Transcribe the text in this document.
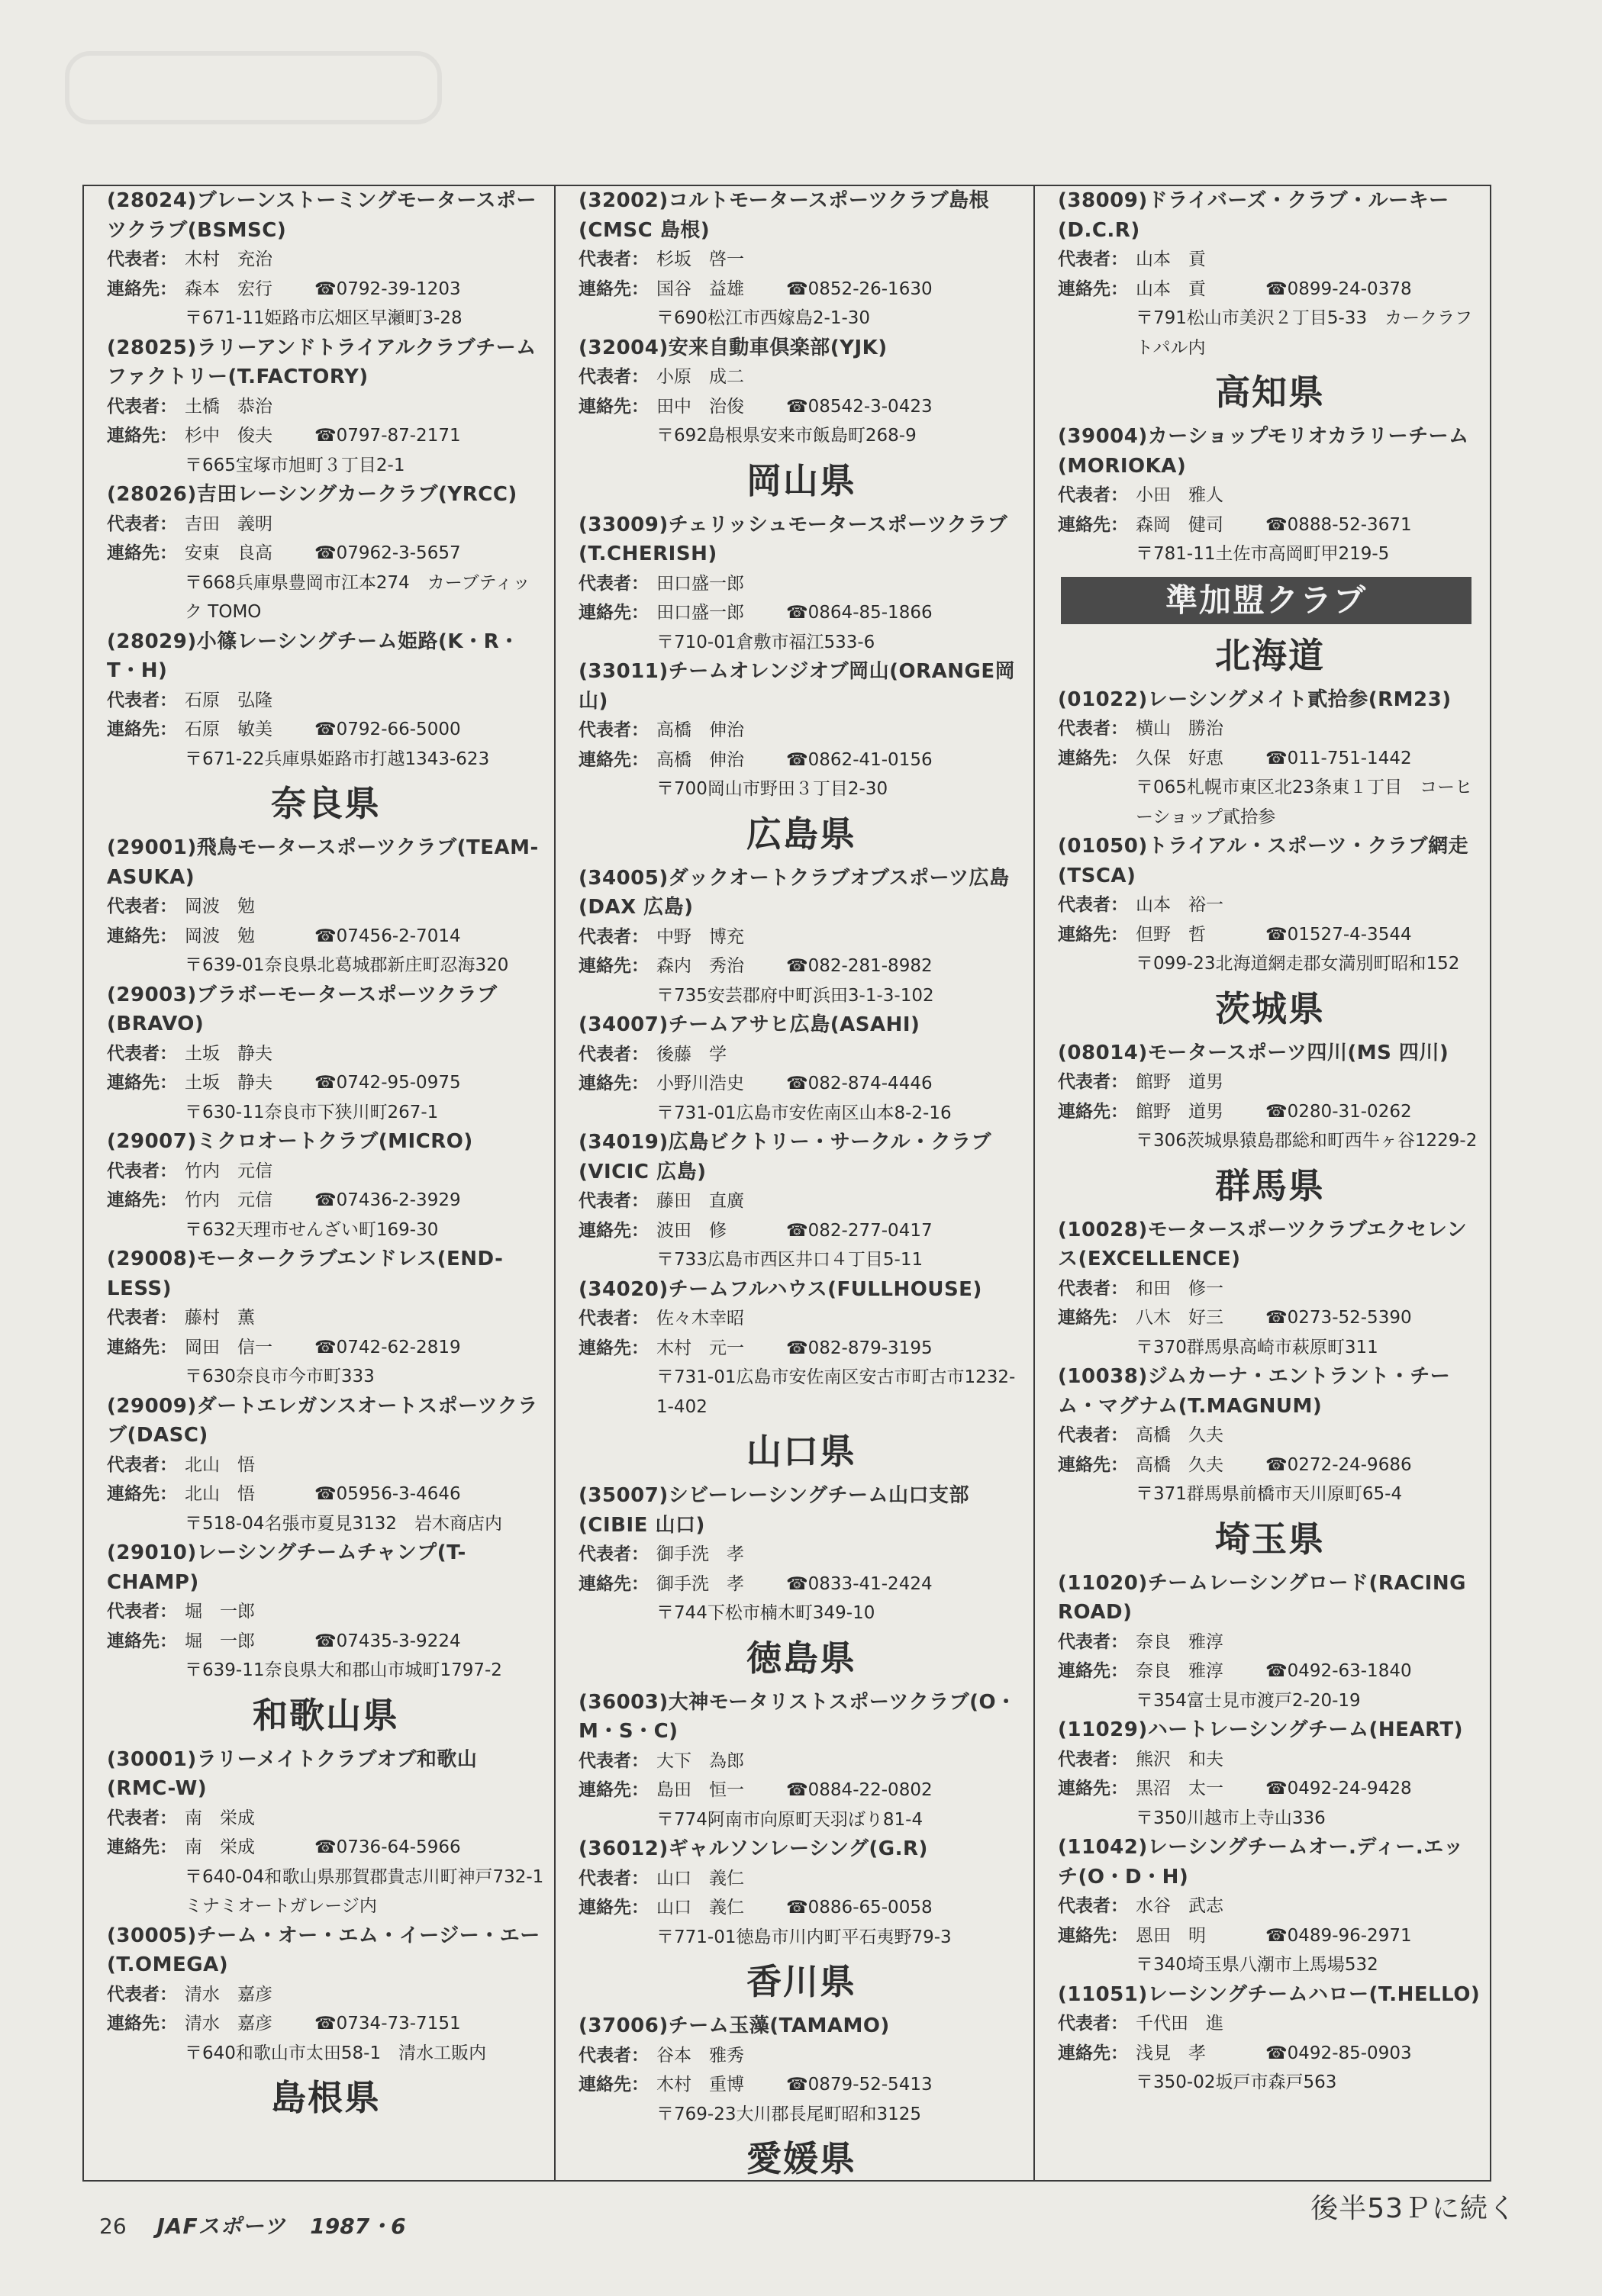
(28024)ブレーンストーミングモータースポーツクラブ(BSMSC)
代表者： 木村　充治
連絡先： 森本　宏行	☎0792-39-1203
〒671-11姫路市広畑区早瀬町3-28
(28025)ラリーアンドトライアルクラブチームファクトリー(T.FACTORY)
代表者： 土橋　恭治
連絡先： 杉中　俊夫	☎0797-87-2171
〒665宝塚市旭町３丁目2-1
(28026)吉田レーシングカークラブ(YRCC)
代表者： 吉田　義明
連絡先： 安東　良高	☎07962-3-5657
〒668兵庫県豊岡市江本274　カーブティック TOMO
(28029)小篠レーシングチーム姫路(K・R・T・H)
代表者： 石原　弘隆
連絡先： 石原　敏美	☎0792-66-5000
〒671-22兵庫県姫路市打越1343-623
奈良県
(29001)飛鳥モータースポーツクラブ(TEAM-ASUKA)
代表者： 岡波　勉
連絡先： 岡波　勉	☎07456-2-7014
〒639-01奈良県北葛城郡新庄町忍海320
(29003)ブラボーモータースポーツクラブ(BRAVO)
代表者： 土坂　静夫
連絡先： 土坂　静夫	☎0742-95-0975
〒630-11奈良市下狭川町267-1
(29007)ミクロオートクラブ(MICRO)
代表者： 竹内　元信
連絡先： 竹内　元信	☎07436-2-3929
〒632天理市せんざい町169-30
(29008)モータークラブエンドレス(END-LESS)
代表者： 藤村　薫
連絡先： 岡田　信一	☎0742-62-2819
〒630奈良市今市町333
(29009)ダートエレガンスオートスポーツクラブ(DASC)
代表者： 北山　悟
連絡先： 北山　悟	☎05956-3-4646
〒518-04名張市夏見3132　岩木商店内
(29010)レーシングチームチャンプ(T-CHAMP)
代表者： 堀　一郎
連絡先： 堀　一郎	☎07435-3-9224
〒639-11奈良県大和郡山市城町1797-2
和歌山県
(30001)ラリーメイトクラブオブ和歌山(RMC-W)
代表者： 南　栄成
連絡先： 南　栄成	☎0736-64-5966
〒640-04和歌山県那賀郡貴志川町神戸732-1　ミナミオートガレージ内
(30005)チーム・オー・エム・イージー・エー(T.OMEGA)
代表者： 清水　嘉彦
連絡先： 清水　嘉彦	☎0734-73-7151
〒640和歌山市太田58-1　清水工販内
島根県
(32002)コルトモータースポーツクラブ島根(CMSC 島根)
代表者： 杉坂　啓一
連絡先： 国谷　益雄	☎0852-26-1630
〒690松江市西嫁島2-1-30
(32004)安来自動車倶楽部(YJK)
代表者： 小原　成二
連絡先： 田中　治俊	☎08542-3-0423
〒692島根県安来市飯島町268-9
岡山県
(33009)チェリッシュモータースポーツクラブ(T.CHERISH)
代表者： 田口盛一郎
連絡先： 田口盛一郎	☎0864-85-1866
〒710-01倉敷市福江533-6
(33011)チームオレンジオブ岡山(ORANGE岡山)
代表者： 高橋　伸治
連絡先： 高橋　伸治	☎0862-41-0156
〒700岡山市野田３丁目2-30
広島県
(34005)ダックオートクラブオブスポーツ広島(DAX 広島)
代表者： 中野　博充
連絡先： 森内　秀治	☎082-281-8982
〒735安芸郡府中町浜田3-1-3-102
(34007)チームアサヒ広島(ASAHI)
代表者： 後藤　学
連絡先： 小野川浩史	☎082-874-4446
〒731-01広島市安佐南区山本8-2-16
(34019)広島ビクトリー・サークル・クラブ(VICIC 広島)
代表者： 藤田　直廣
連絡先： 波田　修	☎082-277-0417
〒733広島市西区井口４丁目5-11
(34020)チームフルハウス(FULLHOUSE)
代表者： 佐々木幸昭
連絡先： 木村　元一	☎082-879-3195
〒731-01広島市安佐南区安古市町古市1232-1-402
山口県
(35007)シビーレーシングチーム山口支部(CIBIE 山口)
代表者： 御手洗　孝
連絡先： 御手洗　孝	☎0833-41-2424
〒744下松市楠木町349-10
徳島県
(36003)大神モータリストスポーツクラブ(O・M・S・C)
代表者： 大下　為郎
連絡先： 島田　恒一	☎0884-22-0802
〒774阿南市向原町天羽ばり81-4
(36012)ギャルソンレーシング(G.R)
代表者： 山口　義仁
連絡先： 山口　義仁	☎0886-65-0058
〒771-01徳島市川内町平石夷野79-3
香川県
(37006)チーム玉藻(TAMAMO)
代表者： 谷本　雅秀
連絡先： 木村　重博	☎0879-52-5413
〒769-23大川郡長尾町昭和3125
愛媛県
(38009)ドライバーズ・クラブ・ルーキー(D.C.R)
代表者： 山本　貢
連絡先： 山本　貢	☎0899-24-0378
〒791松山市美沢２丁目5-33　カークラフトパル内
高知県
(39004)カーショップモリオカラリーチーム(MORIOKA)
代表者： 小田　雅人
連絡先： 森岡　健司	☎0888-52-3671
〒781-11土佐市高岡町甲219-5
準加盟クラブ
北海道
(01022)レーシングメイト貳拾参(RM23)
代表者： 横山　勝治
連絡先： 久保　好恵	☎011-751-1442
〒065札幌市東区北23条東１丁目　コーヒーショップ貳拾参
(01050)トライアル・スポーツ・クラブ網走(TSCA)
代表者： 山本　裕一
連絡先： 但野　哲	☎01527-4-3544
〒099-23北海道網走郡女満別町昭和152
茨城県
(08014)モータースポーツ四川(MS 四川)
代表者： 館野　道男
連絡先： 館野　道男	☎0280-31-0262
〒306茨城県猿島郡総和町西牛ヶ谷1229-2
群馬県
(10028)モータースポーツクラブエクセレンス(EXCELLENCE)
代表者： 和田　修一
連絡先： 八木　好三	☎0273-52-5390
〒370群馬県高崎市萩原町311
(10038)ジムカーナ・エントラント・チーム・マグナム(T.MAGNUM)
代表者： 高橋　久夫
連絡先： 高橋　久夫	☎0272-24-9686
〒371群馬県前橋市天川原町65-4
埼玉県
(11020)チームレーシングロード(RACING ROAD)
代表者： 奈良　雅淳
連絡先： 奈良　雅淳	☎0492-63-1840
〒354富士見市渡戸2-20-19
(11029)ハートレーシングチーム(HEART)
代表者： 熊沢　和夫
連絡先： 黒沼　太一	☎0492-24-9428
〒350川越市上寺山336
(11042)レーシングチームオー.ディー.エッチ(O・D・H)
代表者： 水谷　武志
連絡先： 恩田　明	☎0489-96-2971
〒340埼玉県八潮市上馬場532
(11051)レーシングチームハロー(T.HELLO)
代表者： 千代田　進
連絡先： 浅見　孝	☎0492-85-0903
〒350-02坂戸市森戸563
26 JAFスポーツ 1987・6
後半53Ｐに続く
